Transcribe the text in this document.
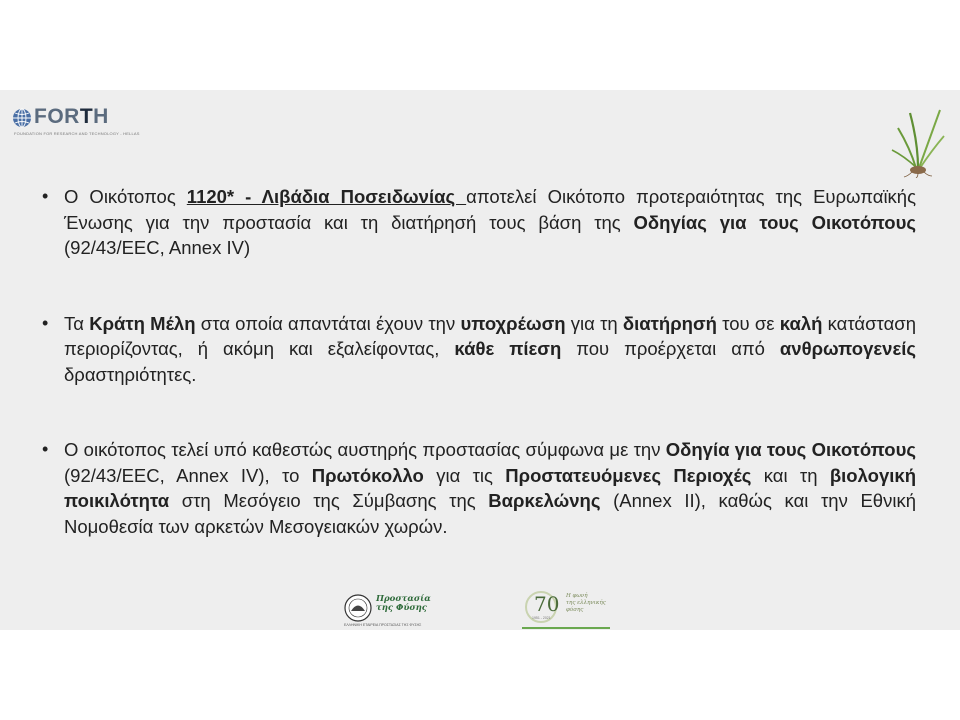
FORTH
FOUNDATION FOR RESEARCH AND TECHNOLOGY - HELLAS
• Ο Οικότοπος 1120* - Λιβάδια Ποσειδωνίας αποτελεί Οικότοπο προτεραιότητας της Ευρωπαϊκής Ένωσης για την προστασία και τη διατήρησή τους βάση της Οδηγίας για τους Οικοτόπους (92/43/EEC, Annex IV)
• Τα Κράτη Μέλη στα οποία απαντάται έχουν την υποχρέωση για τη διατήρησή του σε καλή κατάσταση περιορίζοντας, ή ακόμη και εξαλείφοντας, κάθε πίεση που προέρχεται από ανθρωπογενείς δραστηριότητες.
• Ο οικότοπος τελεί υπό καθεστώς αυστηρής προστασίας σύμφωνα με την Οδηγία για τους Οικοτόπους (92/43/EEC, Annex IV), το Πρωτόκολλο για τις Προστατευόμενες Περιοχές και τη βιολογική ποικιλότητα στη Μεσόγειο της Σύμβασης της Βαρκελώνης (Annex II), καθώς και την Εθνική Νομοθεσία των αρκετών Μεσογειακών χωρών.
Προστασία
της Φύσης
ΕΛΛΗΝΙΚΗ ΕΤΑΙΡΕΙΑ ΠΡΟΣΤΑΣΙΑΣ ΤΗΣ ΦΥΣΗΣ
70 Η φωνή
της ελληνικής
φύσης
1951 - 2021
